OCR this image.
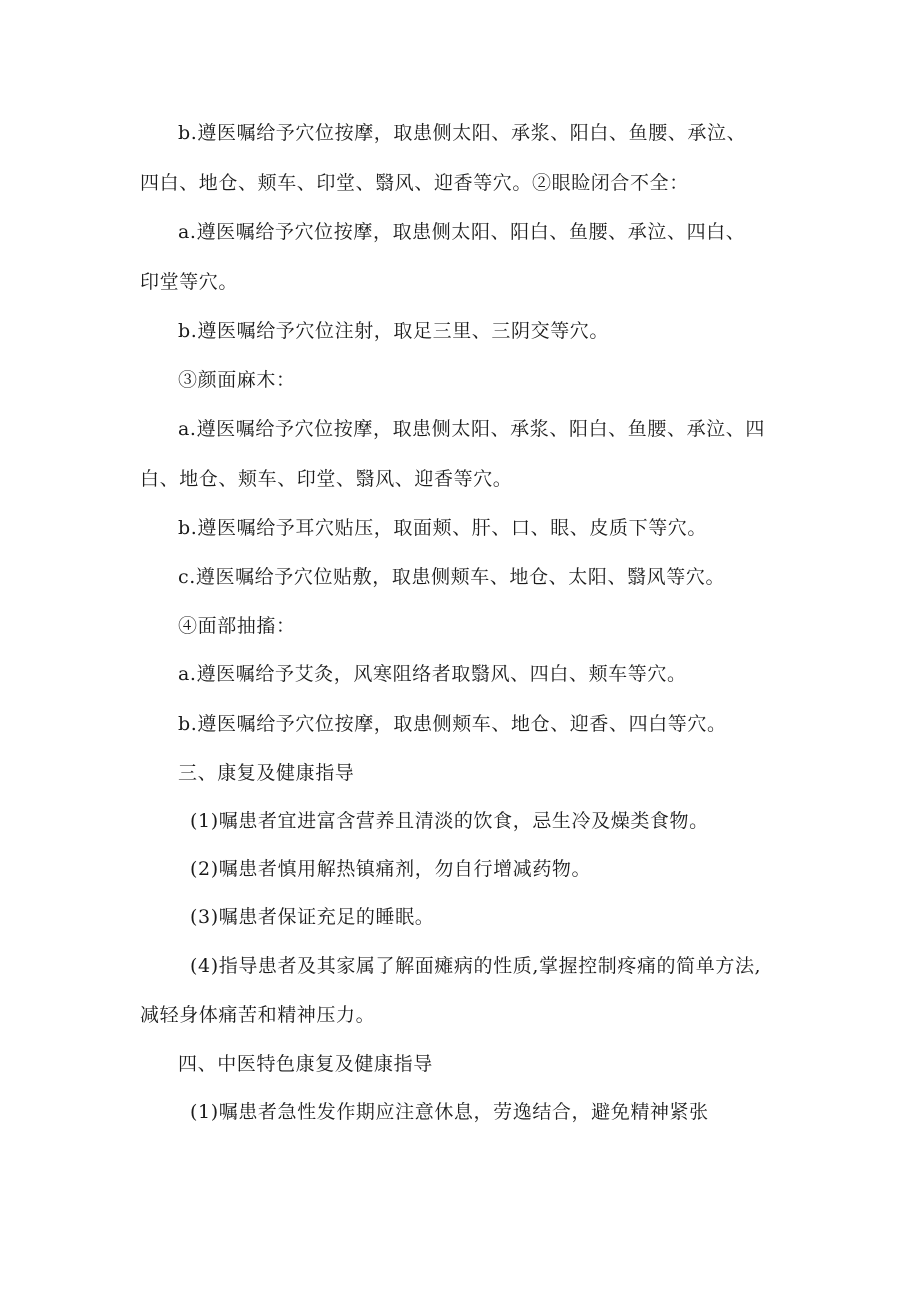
b.遵医嘱给予穴位按摩，取患侧太阳、承浆、阳白、鱼腰、承泣、
四白、地仓、颊车、印堂、翳风、迎香等穴。②眼睑闭合不全：
a.遵医嘱给予穴位按摩，取患侧太阳、阳白、鱼腰、承泣、四白、
印堂等穴。
b.遵医嘱给予穴位注射，取足三里、三阴交等穴。
③颜面麻木：
a.遵医嘱给予穴位按摩，取患侧太阳、承浆、阳白、鱼腰、承泣、四
白、地仓、颊车、印堂、翳风、迎香等穴。
b.遵医嘱给予耳穴贴压，取面颊、肝、口、眼、皮质下等穴。
c.遵医嘱给予穴位贴敷，取患侧颊车、地仓、太阳、翳风等穴。
④面部抽搐：
a.遵医嘱给予艾灸，风寒阻络者取翳风、四白、颊车等穴。
b.遵医嘱给予穴位按摩，取患侧颊车、地仓、迎香、四白等穴。
三、康复及健康指导
(1)嘱患者宜进富含营养且清淡的饮食，忌生冷及燥类食物。
(2)嘱患者慎用解热镇痛剂，勿自行增减药物。
(3)嘱患者保证充足的睡眠。
(4)指导患者及其家属了解面瘫病的性质,掌握控制疼痛的简单方法,
减轻身体痛苦和精神压力。
四、中医特色康复及健康指导
(1)嘱患者急性发作期应注意休息，劳逸结合，避免精神紧张
